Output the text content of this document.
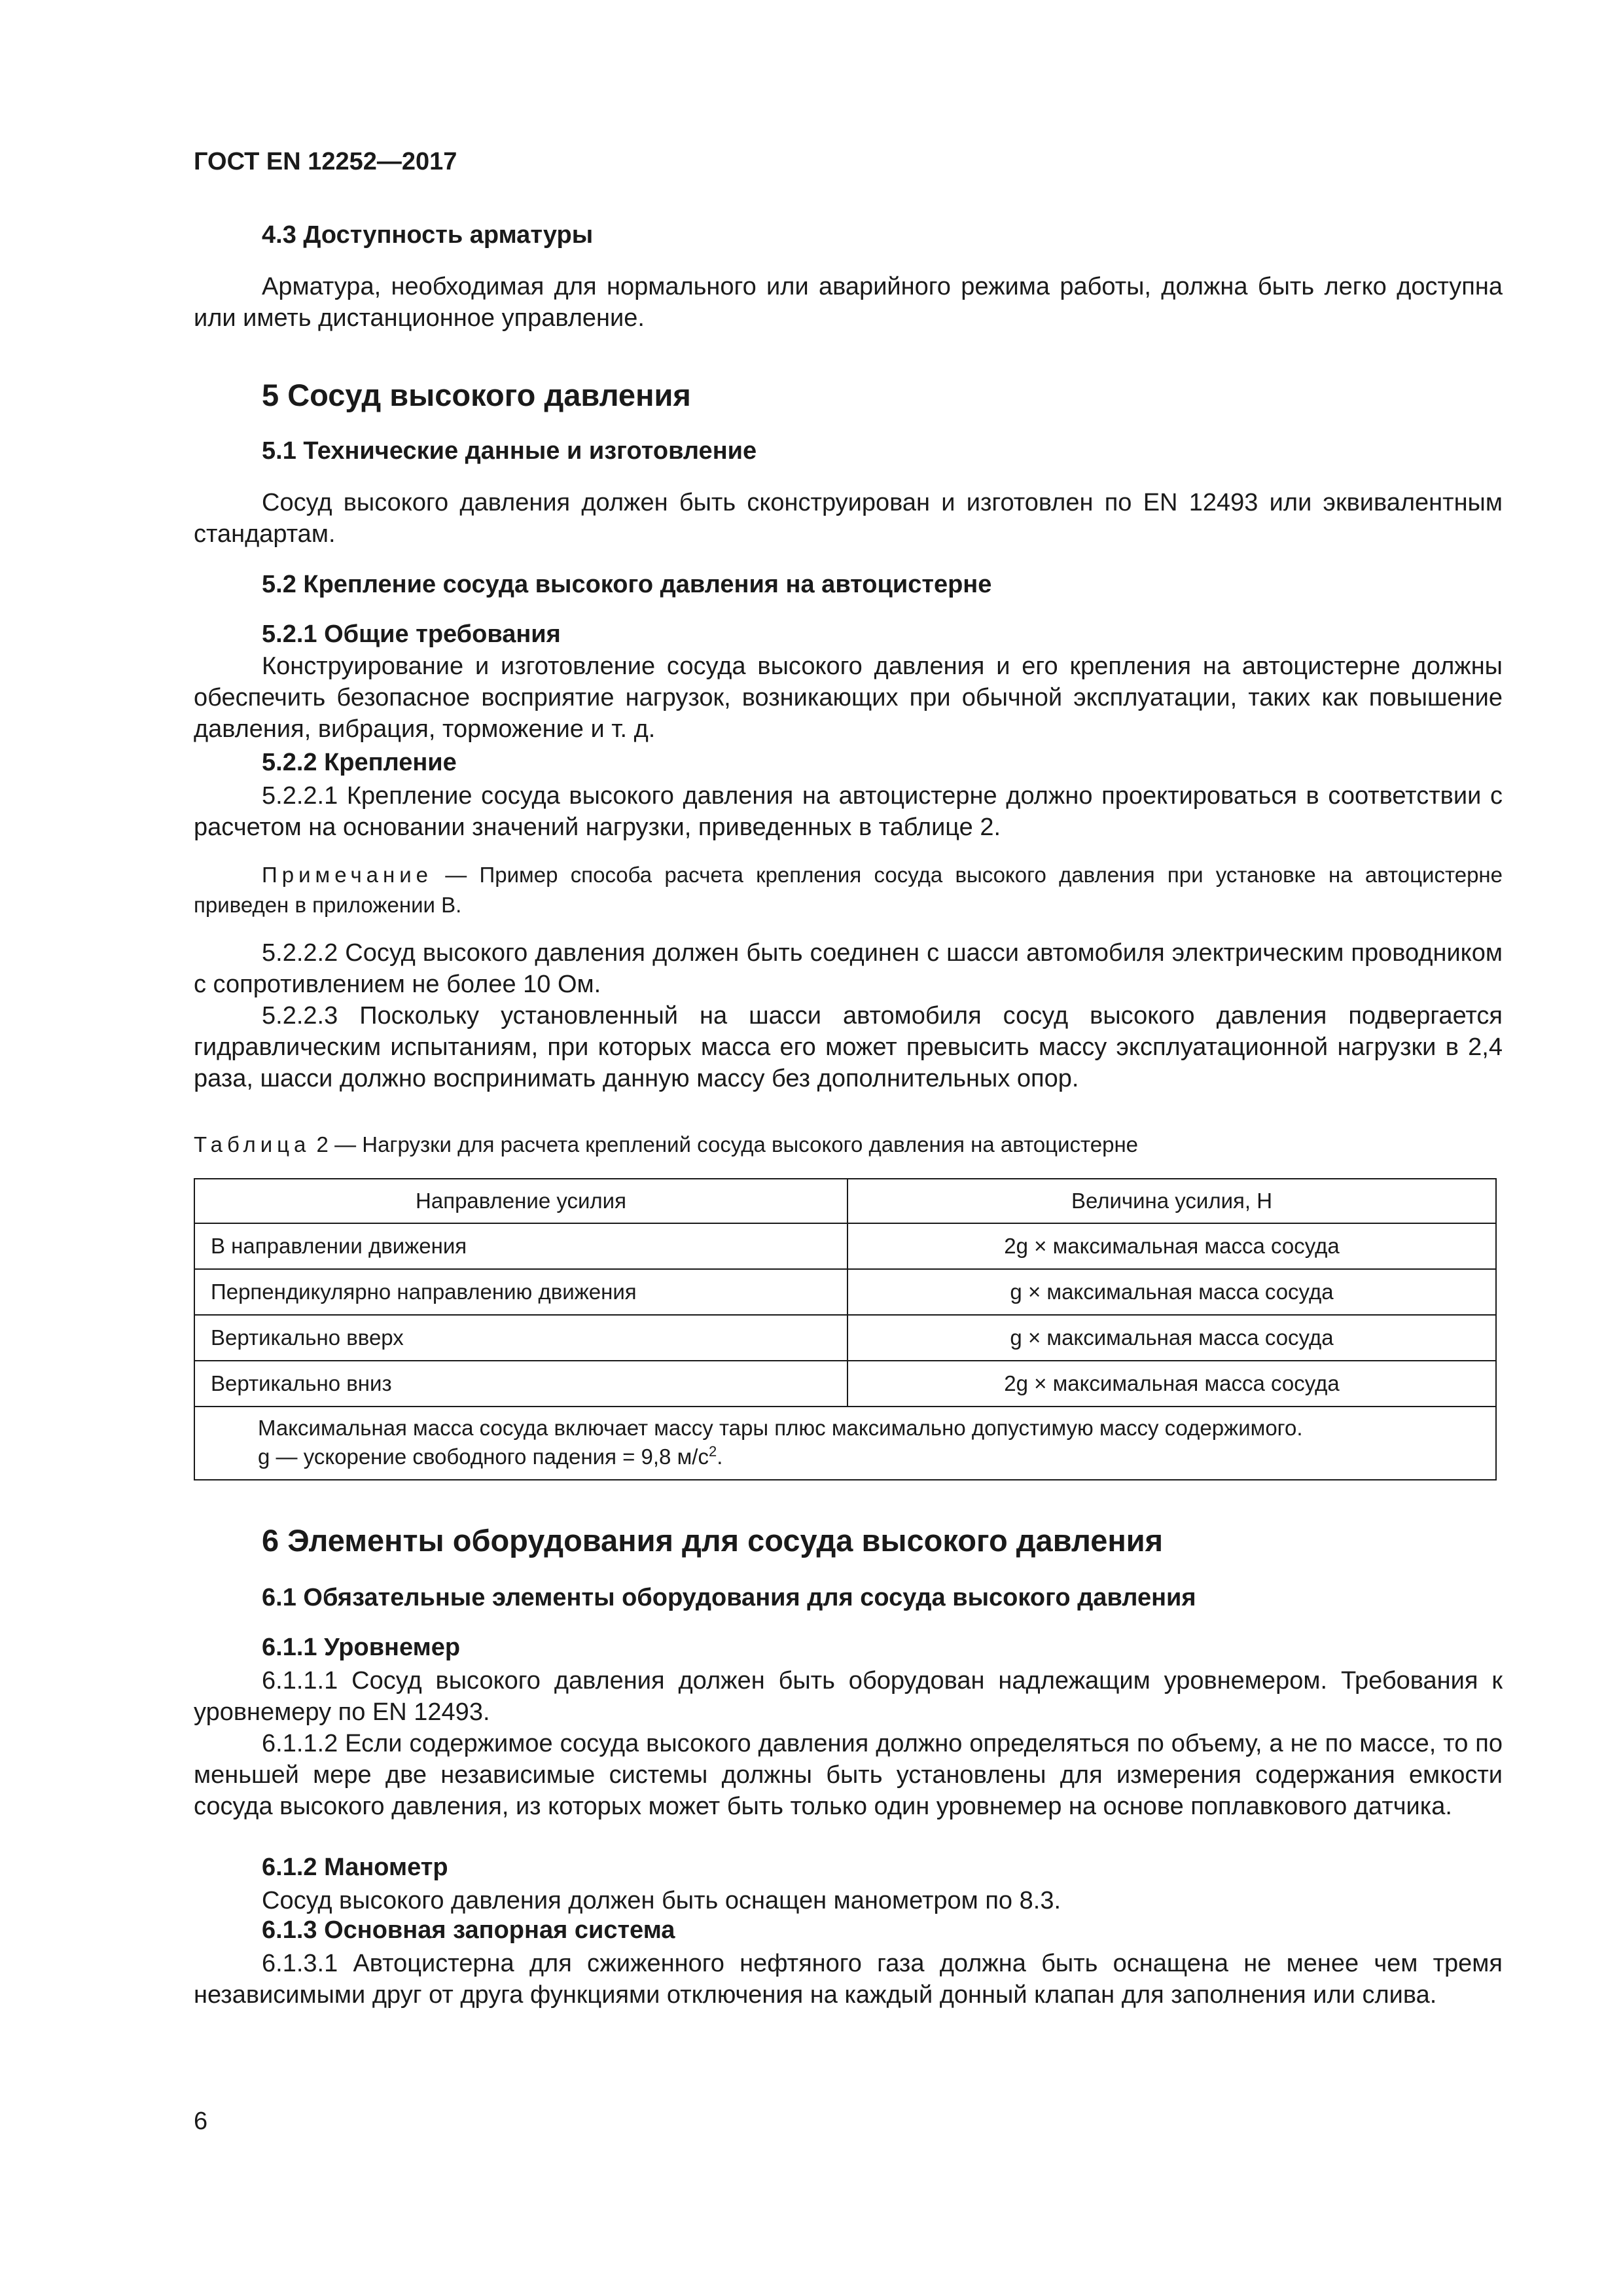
ГОСТ EN 12252—2017
4.3 Доступность арматуры

Арматура, необходимая для нормального или аварийного режима работы, должна быть легко доступна или иметь дистанционное управление.

5 Сосуд высокого давления
5.1 Технические данные и изготовление

Сосуд высокого давления должен быть сконструирован и изготовлен по EN 12493 или эквивалентным стандартам.

5.2 Крепление сосуда высокого давления на автоцистерне
5.2.1 Общие требования

Конструирование и изготовление сосуда высокого давления и его крепления на автоцистерне должны обеспечить безопасное восприятие нагрузок, возникающих при обычной эксплуатации, таких как повышение давления, вибрация, торможение и т. д.

5.2.2 Крепление

5.2.2.1 Крепление сосуда высокого давления на автоцистерне должно проектироваться в соответствии с расчетом на основании значений нагрузки, приведенных в таблице 2.

Примечание — Пример способа расчета крепления сосуда высокого давления при установке на автоцистерне приведен в приложении В.

5.2.2.2 Сосуд высокого давления должен быть соединен с шасси автомобиля электрическим проводником с сопротивлением не более 10 Ом.

5.2.2.3 Поскольку установленный на шасси автомобиля сосуд высокого давления подвергается гидравлическим испытаниям, при которых масса его может превысить массу эксплуатационной нагрузки в 2,4 раза, шасси должно воспринимать данную массу без дополнительных опор.

Таблица 2 — Нагрузки для расчета креплений сосуда высокого давления на автоцистерне
Направление усилия	Величина усилия, Н
В направлении движения	2g × максимальная масса сосуда
Перпендикулярно направлению движения	g × максимальная масса сосуда
Вертикально вверх	g × максимальная масса сосуда
Вертикально вниз	2g × максимальная масса сосуда

Максимальная масса сосуда включает массу тары плюс максимально допустимую массу содержимого.
g — ускорение свободного падения = 9,8 $м/с^2$.	
6 Элементы оборудования для сосуда высокого давления
6.1 Обязательные элементы оборудования для сосуда высокого давления
6.1.1 Уровнемер

6.1.1.1 Сосуд высокого давления должен быть оборудован надлежащим уровнемером. Требования к уровнемеру по EN 12493.

6.1.1.2 Если содержимое сосуда высокого давления должно определяться по объему, а не по массе, то по меньшей мере две независимые системы должны быть установлены для измерения содержания емкости сосуда высокого давления, из которых может быть только один уровнемер на основе поплавкового датчика.

6.1.2 Манометр

Сосуд высокого давления должен быть оснащен манометром по 8.3.

6.1.3 Основная запорная система

6.1.3.1 Автоцистерна для сжиженного нефтяного газа должна быть оснащена не менее чем тремя независимыми друг от друга функциями отключения на каждый донный клапан для заполнения или слива.

6
